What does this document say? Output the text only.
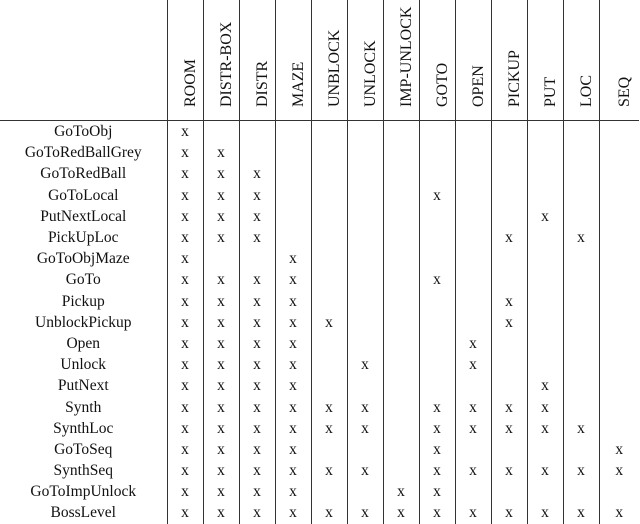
	ROOM	DISTR-BOX	DISTR	MAZE	UNBLOCK	UNLOCK	IMP-UNLOCK	GOTO	OPEN	PICKUP	PUT	LOC	SEQ

GoToObj	x												
GoToRedBallGrey	x	x											
GoToRedBall	x	x	x										
GoToLocal	x	x	x					x					
PutNextLocal	x	x	x								x		
PickUpLoc	x	x	x							x		x	
GoToObjMaze	x			x									
GoTo	x	x	x	x				x					
Pickup	x	x	x	x						x			
UnblockPickup	x	x	x	x	x					x			
Open	x	x	x	x					x				
Unlock	x	x	x	x		x			x				
PutNext	x	x	x	x							x		
Synth	x	x	x	x	x	x		x	x	x	x		
SynthLoc	x	x	x	x	x	x		x	x	x	x	x	
GoToSeq	x	x	x	x				x					x
SynthSeq	x	x	x	x	x	x		x	x	x	x	x	x
GoToImpUnlock	x	x	x	x			x	x					
BossLevel	x	x	x	x	x	x	x	x	x	x	x	x	x
